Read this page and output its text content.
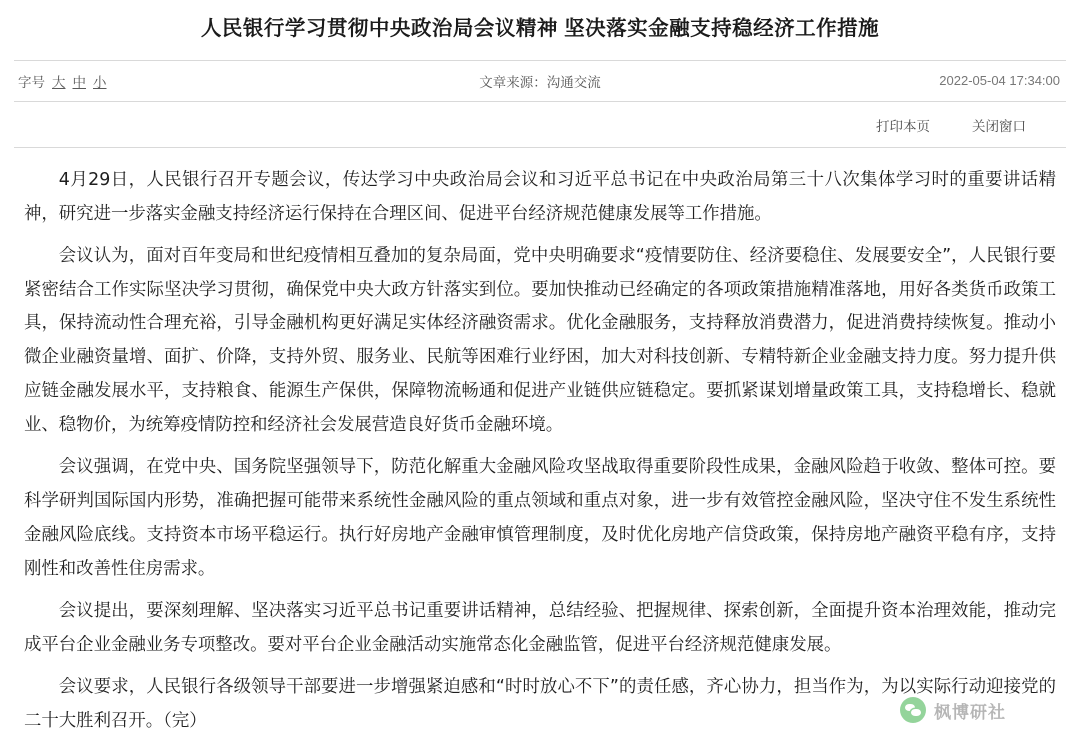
人民银行学习贯彻中央政治局会议精神 坚决落实金融支持稳经济工作措施
字号 大 中 小	文章来源：沟通交流	2022-05-04 17:34:00
打印本页	关闭窗口

4月29日，人民银行召开专题会议，传达学习中央政治局会议和习近平总书记在中央政治局第三十八次集体学习时的重要讲话精神，研究进一步落实金融支持经济运行保持在合理区间、促进平台经济规范健康发展等工作措施。

会议认为，面对百年变局和世纪疫情相互叠加的复杂局面，党中央明确要求“疫情要防住、经济要稳住、发展要安全”，人民银行要紧密结合工作实际坚决学习贯彻，确保党中央大政方针落实到位。要加快推动已经确定的各项政策措施精准落地，用好各类货币政策工具，保持流动性合理充裕，引导金融机构更好满足实体经济融资需求。优化金融服务，支持释放消费潜力，促进消费持续恢复。推动小微企业融资量增、面扩、价降，支持外贸、服务业、民航等困难行业纾困，加大对科技创新、专精特新企业金融支持力度。努力提升供应链金融发展水平，支持粮食、能源生产保供，保障物流畅通和促进产业链供应链稳定。要抓紧谋划增量政策工具，支持稳增长、稳就业、稳物价，为统筹疫情防控和经济社会发展营造良好货币金融环境。

会议强调，在党中央、国务院坚强领导下，防范化解重大金融风险攻坚战取得重要阶段性成果，金融风险趋于收敛、整体可控。要科学研判国际国内形势，准确把握可能带来系统性金融风险的重点领域和重点对象，进一步有效管控金融风险，坚决守住不发生系统性金融风险底线。支持资本市场平稳运行。执行好房地产金融审慎管理制度，及时优化房地产信贷政策，保持房地产融资平稳有序，支持刚性和改善性住房需求。

会议提出，要深刻理解、坚决落实习近平总书记重要讲话精神，总结经验、把握规律、探索创新，全面提升资本治理效能，推动完成平台企业金融业务专项整改。要对平台企业金融活动实施常态化金融监管，促进平台经济规范健康发展。

会议要求，人民银行各级领导干部要进一步增强紧迫感和“时时放心不下”的责任感，齐心协力，担当作为，为以实际行动迎接党的二十大胜利召开。（完）	枫博研社
